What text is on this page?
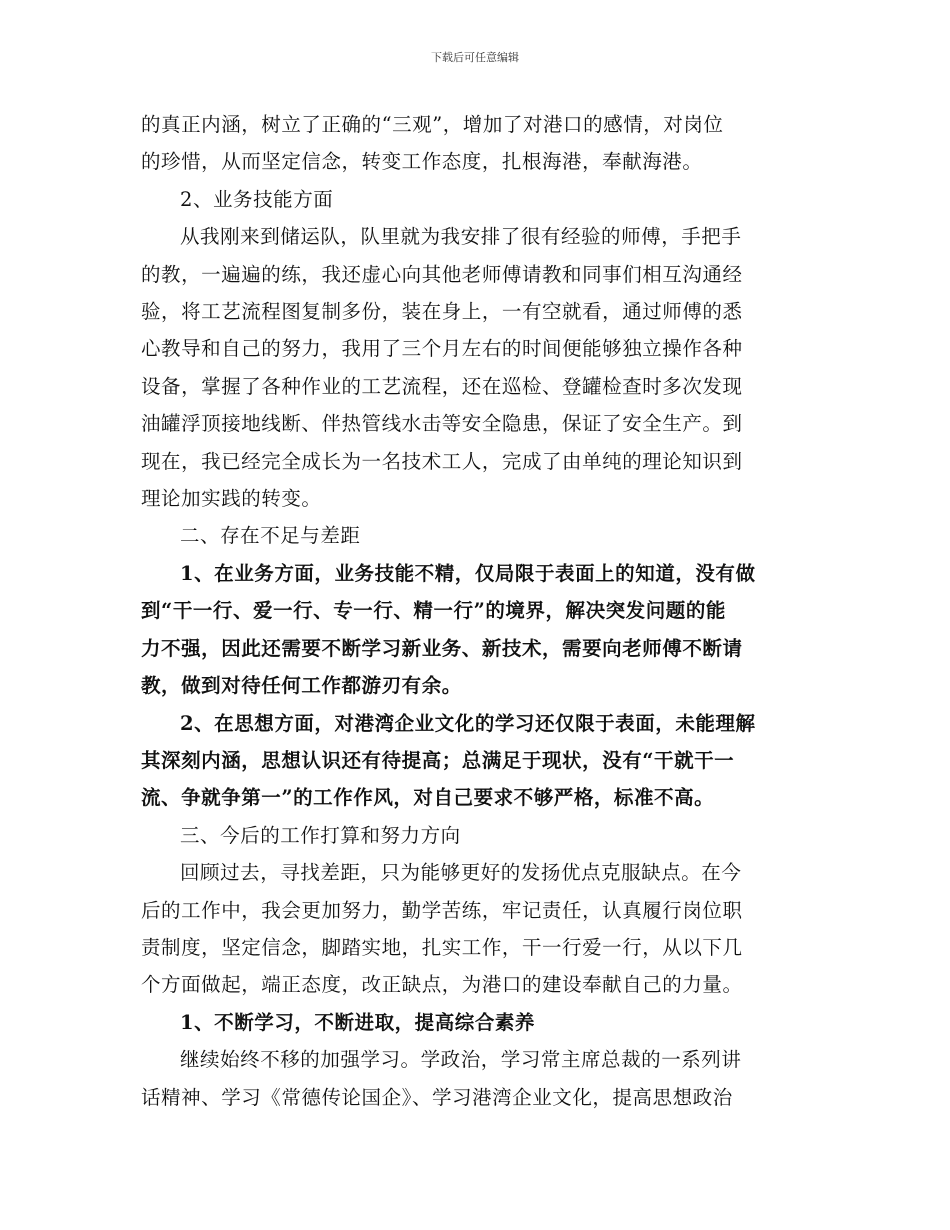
下载后可任意编辑

的真正内涵，树立了正确的“三观”，增加了对港口的感情，对岗位
的珍惜，从而坚定信念，转变工作态度，扎根海港，奉献海港。

2、业务技能方面

从我刚来到储运队，队里就为我安排了很有经验的师傅，手把手
的教，一遍遍的练，我还虚心向其他老师傅请教和同事们相互沟通经
验，将工艺流程图复制多份，装在身上，一有空就看，通过师傅的悉
心教导和自己的努力，我用了三个月左右的时间便能够独立操作各种
设备，掌握了各种作业的工艺流程，还在巡检、登罐检查时多次发现
油罐浮顶接地线断、伴热管线水击等安全隐患，保证了安全生产。到
现在，我已经完全成长为一名技术工人，完成了由单纯的理论知识到
理论加实践的转变。

二、存在不足与差距

1、在业务方面，业务技能不精，仅局限于表面上的知道，没有做
到“干一行、爱一行、专一行、精一行”的境界，解决突发问题的能
力不强，因此还需要不断学习新业务、新技术，需要向老师傅不断请
教，做到对待任何工作都游刃有余。

2、在思想方面，对港湾企业文化的学习还仅限于表面，未能理解
其深刻内涵，思想认识还有待提高；总满足于现状，没有“干就干一
流、争就争第一”的工作作风，对自己要求不够严格，标准不高。

三、今后的工作打算和努力方向

回顾过去，寻找差距，只为能够更好的发扬优点克服缺点。在今
后的工作中，我会更加努力，勤学苦练，牢记责任，认真履行岗位职
责制度，坚定信念，脚踏实地，扎实工作，干一行爱一行，从以下几
个方面做起，端正态度，改正缺点，为港口的建设奉献自己的力量。

1、不断学习，不断进取，提高综合素养

继续始终不移的加强学习。学政治，学习常主席总裁的一系列讲
话精神、学习《常德传论国企》、学习港湾企业文化，提高思想政治
